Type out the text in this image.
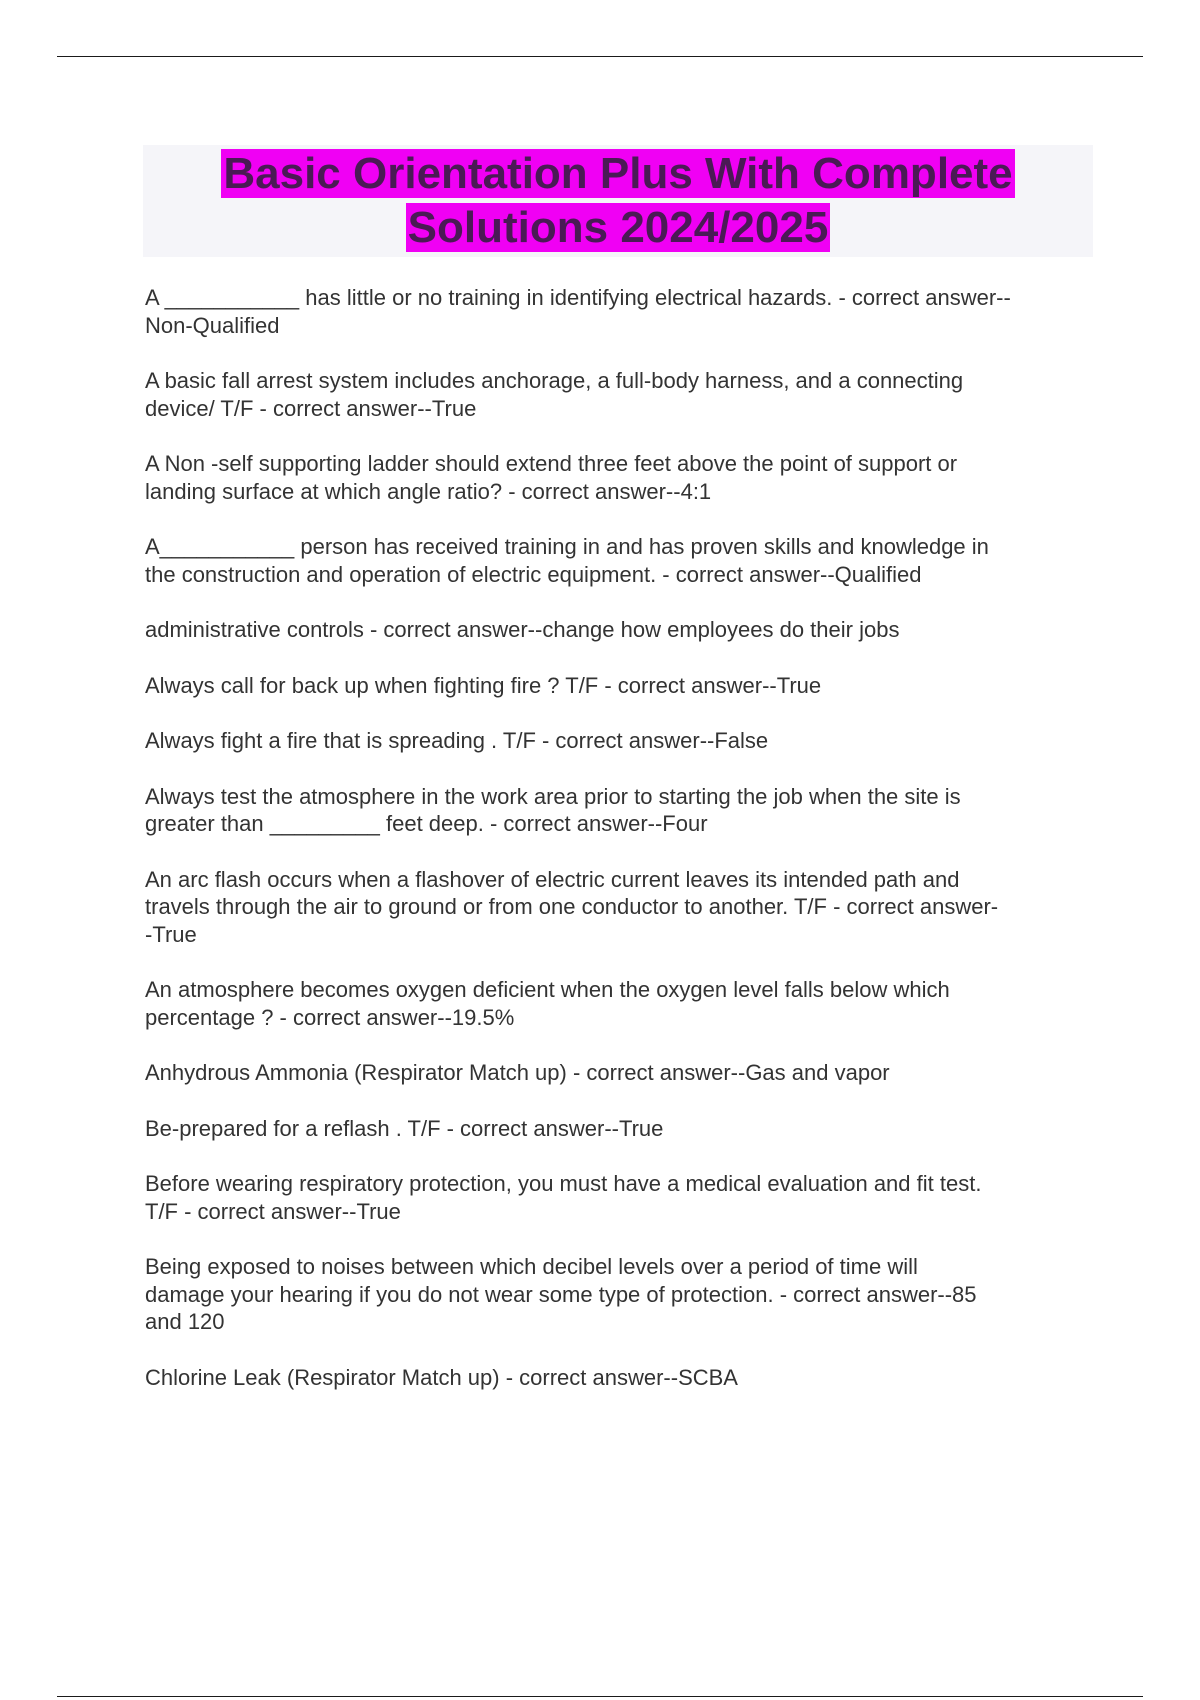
Basic Orientation Plus With Complete
Solutions 2024/2025
A ___________ has little or no training in identifying electrical hazards. - correct answer--
Non-Qualified
A basic fall arrest system includes anchorage, a full-body harness, and a connecting
device/ T/F - correct answer--True
A Non -self supporting ladder should extend three feet above the point of support or
landing surface at which angle ratio? - correct answer--4:1
A___________ person has received training in and has proven skills and knowledge in
the construction and operation of electric equipment. - correct answer--Qualified
administrative controls - correct answer--change how employees do their jobs
Always call for back up when fighting fire ? T/F - correct answer--True
Always fight a fire that is spreading . T/F - correct answer--False
Always test the atmosphere in the work area prior to starting the job when the site is
greater than _________ feet deep. - correct answer--Four
An arc flash occurs when a flashover of electric current leaves its intended path and
travels through the air to ground or from one conductor to another. T/F - correct answer-
-True
An atmosphere becomes oxygen deficient when the oxygen level falls below which
percentage ? - correct answer--19.5%
Anhydrous Ammonia (Respirator Match up) - correct answer--Gas and vapor
Be-prepared for a reflash . T/F - correct answer--True
Before wearing respiratory protection, you must have a medical evaluation and fit test.
T/F - correct answer--True
Being exposed to noises between which decibel levels over a period of time will
damage your hearing if you do not wear some type of protection. - correct answer--85
and 120
Chlorine Leak (Respirator Match up) - correct answer--SCBA
